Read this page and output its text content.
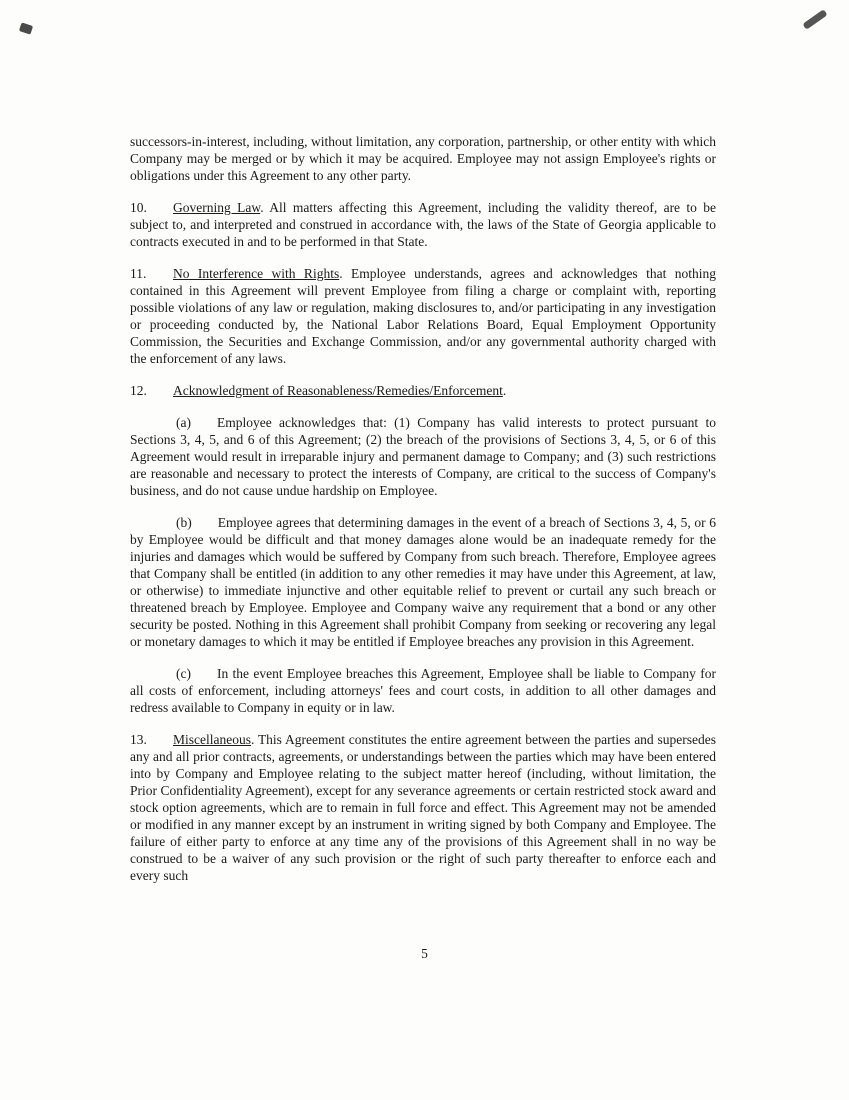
successors-in-interest, including, without limitation, any corporation, partnership, or other entity with which Company may be merged or by which it may be acquired. Employee may not assign Employee's rights or obligations under this Agreement to any other party.

10. Governing Law. All matters affecting this Agreement, including the validity thereof, are to be subject to, and interpreted and construed in accordance with, the laws of the State of Georgia applicable to contracts executed in and to be performed in that State.

11. No Interference with Rights. Employee understands, agrees and acknowledges that nothing contained in this Agreement will prevent Employee from filing a charge or complaint with, reporting possible violations of any law or regulation, making disclosures to, and/or participating in any investigation or proceeding conducted by, the National Labor Relations Board, Equal Employment Opportunity Commission, the Securities and Exchange Commission, and/or any governmental authority charged with the enforcement of any laws.

12. Acknowledgment of Reasonableness/Remedies/Enforcement.

(a) Employee acknowledges that: (1) Company has valid interests to protect pursuant to Sections 3, 4, 5, and 6 of this Agreement; (2) the breach of the provisions of Sections 3, 4, 5, or 6 of this Agreement would result in irreparable injury and permanent damage to Company; and (3) such restrictions are reasonable and necessary to protect the interests of Company, are critical to the success of Company's business, and do not cause undue hardship on Employee.

(b) Employee agrees that determining damages in the event of a breach of Sections 3, 4, 5, or 6 by Employee would be difficult and that money damages alone would be an inadequate remedy for the injuries and damages which would be suffered by Company from such breach. Therefore, Employee agrees that Company shall be entitled (in addition to any other remedies it may have under this Agreement, at law, or otherwise) to immediate injunctive and other equitable relief to prevent or curtail any such breach or threatened breach by Employee. Employee and Company waive any requirement that a bond or any other security be posted. Nothing in this Agreement shall prohibit Company from seeking or recovering any legal or monetary damages to which it may be entitled if Employee breaches any provision in this Agreement.

(c) In the event Employee breaches this Agreement, Employee shall be liable to Company for all costs of enforcement, including attorneys' fees and court costs, in addition to all other damages and redress available to Company in equity or in law.

13. Miscellaneous. This Agreement constitutes the entire agreement between the parties and supersedes any and all prior contracts, agreements, or understandings between the parties which may have been entered into by Company and Employee relating to the subject matter hereof (including, without limitation, the Prior Confidentiality Agreement), except for any severance agreements or certain restricted stock award and stock option agreements, which are to remain in full force and effect. This Agreement may not be amended or modified in any manner except by an instrument in writing signed by both Company and Employee. The failure of either party to enforce at any time any of the provisions of this Agreement shall in no way be construed to be a waiver of any such provision or the right of such party thereafter to enforce each and every such

5
